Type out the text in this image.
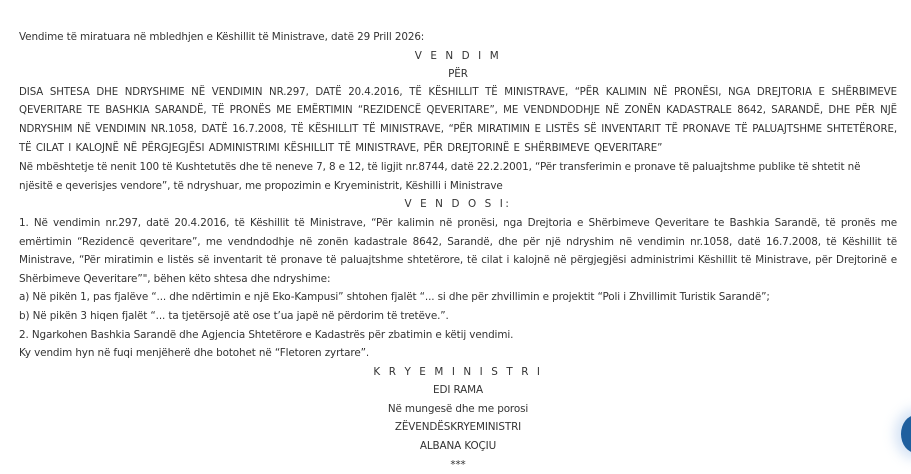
Vendime të miratuara në mbledhjen e Këshillit të Ministrave, datë 29 Prill 2026:

V E N D I M

PËR

DISA SHTESA DHE NDRYSHIME NË VENDIMIN NR.297, DATË 20.4.2016, TË KËSHILLIT TË MINISTRAVE, “PËR KALIMIN NË PRONËSI, NGA DREJTORIA E SHËRBIMEVE QEVERITARE TE BASHKIA SARANDË, TË PRONËS ME EMËRTIMIN “REZIDENCË QEVERITARE”, ME VENDNDODHJE NË ZONËN KADASTRALE 8642, SARANDË, DHE PËR NJË NDRYSHIM NË VENDIMIN NR.1058, DATË 16.7.2008, TË KËSHILLIT TË MINISTRAVE, “PËR MIRATIMIN E LISTËS SË INVENTARIT TË PRONAVE TË PALUAJTSHME SHTETËRORE, TË CILAT I KALOJNË NË PËRGJEGJËSI ADMINISTRIMI KËSHILLIT TË MINISTRAVE, PËR DREJTORINË E SHËRBIMEVE QEVERITARE”

Në mbështetje të nenit 100 të Kushtetutës dhe të neneve 7, 8 e 12, të ligjit nr.8744, datë 22.2.2001, “Për transferimin e pronave të paluajtshme publike të shtetit në njësitë e qeverisjes vendore”, të ndryshuar, me propozimin e Kryeministrit, Këshilli i Ministrave

V E N D O S I:

1. Në vendimin nr.297, datë 20.4.2016, të Këshillit të Ministrave, “Për kalimin në pronësi, nga Drejtoria e Shërbimeve Qeveritare te Bashkia Sarandë, të pronës me emërtimin “Rezidencë qeveritare”, me vendndodhje në zonën kadastrale 8642, Sarandë, dhe për një ndryshim në vendimin nr.1058, datë 16.7.2008, të Këshillit të Ministrave, “Për miratimin e listës së inventarit të pronave të paluajtshme shtetërore, të cilat i kalojnë në përgjegjësi administrimi Këshillit të Ministrave, për Drejtorinë e Shërbimeve Qeveritare”", bëhen këto shtesa dhe ndryshime:

a) Në pikën 1, pas fjalëve “... dhe ndërtimin e një Eko-Kampusi” shtohen fjalët “... si dhe për zhvillimin e projektit “Poli i Zhvillimit Turistik Sarandë”;

b) Në pikën 3 hiqen fjalët “... ta tjetërsojë atë ose t’ua japë në përdorim të tretëve.”.

2. Ngarkohen Bashkia Sarandë dhe Agjencia Shtetërore e Kadastrës për zbatimin e këtij vendimi.

Ky vendim hyn në fuqi menjëherë dhe botohet në “Fletoren zyrtare”.

K R Y E M I N I S T R I

EDI RAMA

Në mungesë dhe me porosi

ZËVENDËSKRYEMINISTRI

ALBANA KOÇIU

***
